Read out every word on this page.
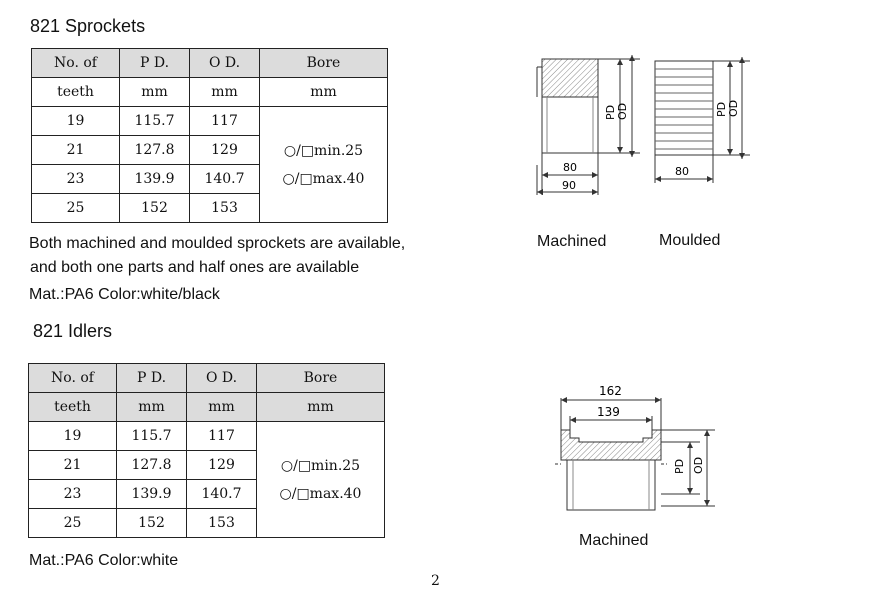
821 Sprockets
No. of	P D.	O D.	Bore
teeth	mm	mm	mm
19	115.7	117	○/□min.25
○/□max.40

21	127.8	129	
23	139.9	140.7	
25	152	153	
Both machined and moulded sprockets are available,
and both one parts and half ones are available
Mat.:PA6 Color:white/black
PD OD
80
90
PD OD
80
Machined	Moulded
821 Idlers
No. of	P D.	O D.	Bore
teeth	mm	mm	mm
19	115.7	117	○/□min.25
○/□max.40

21	127.8	129	
23	139.9	140.7	
25	152	153	
Mat.:PA6 Color:white
162
139
PD OD
Machined
2
